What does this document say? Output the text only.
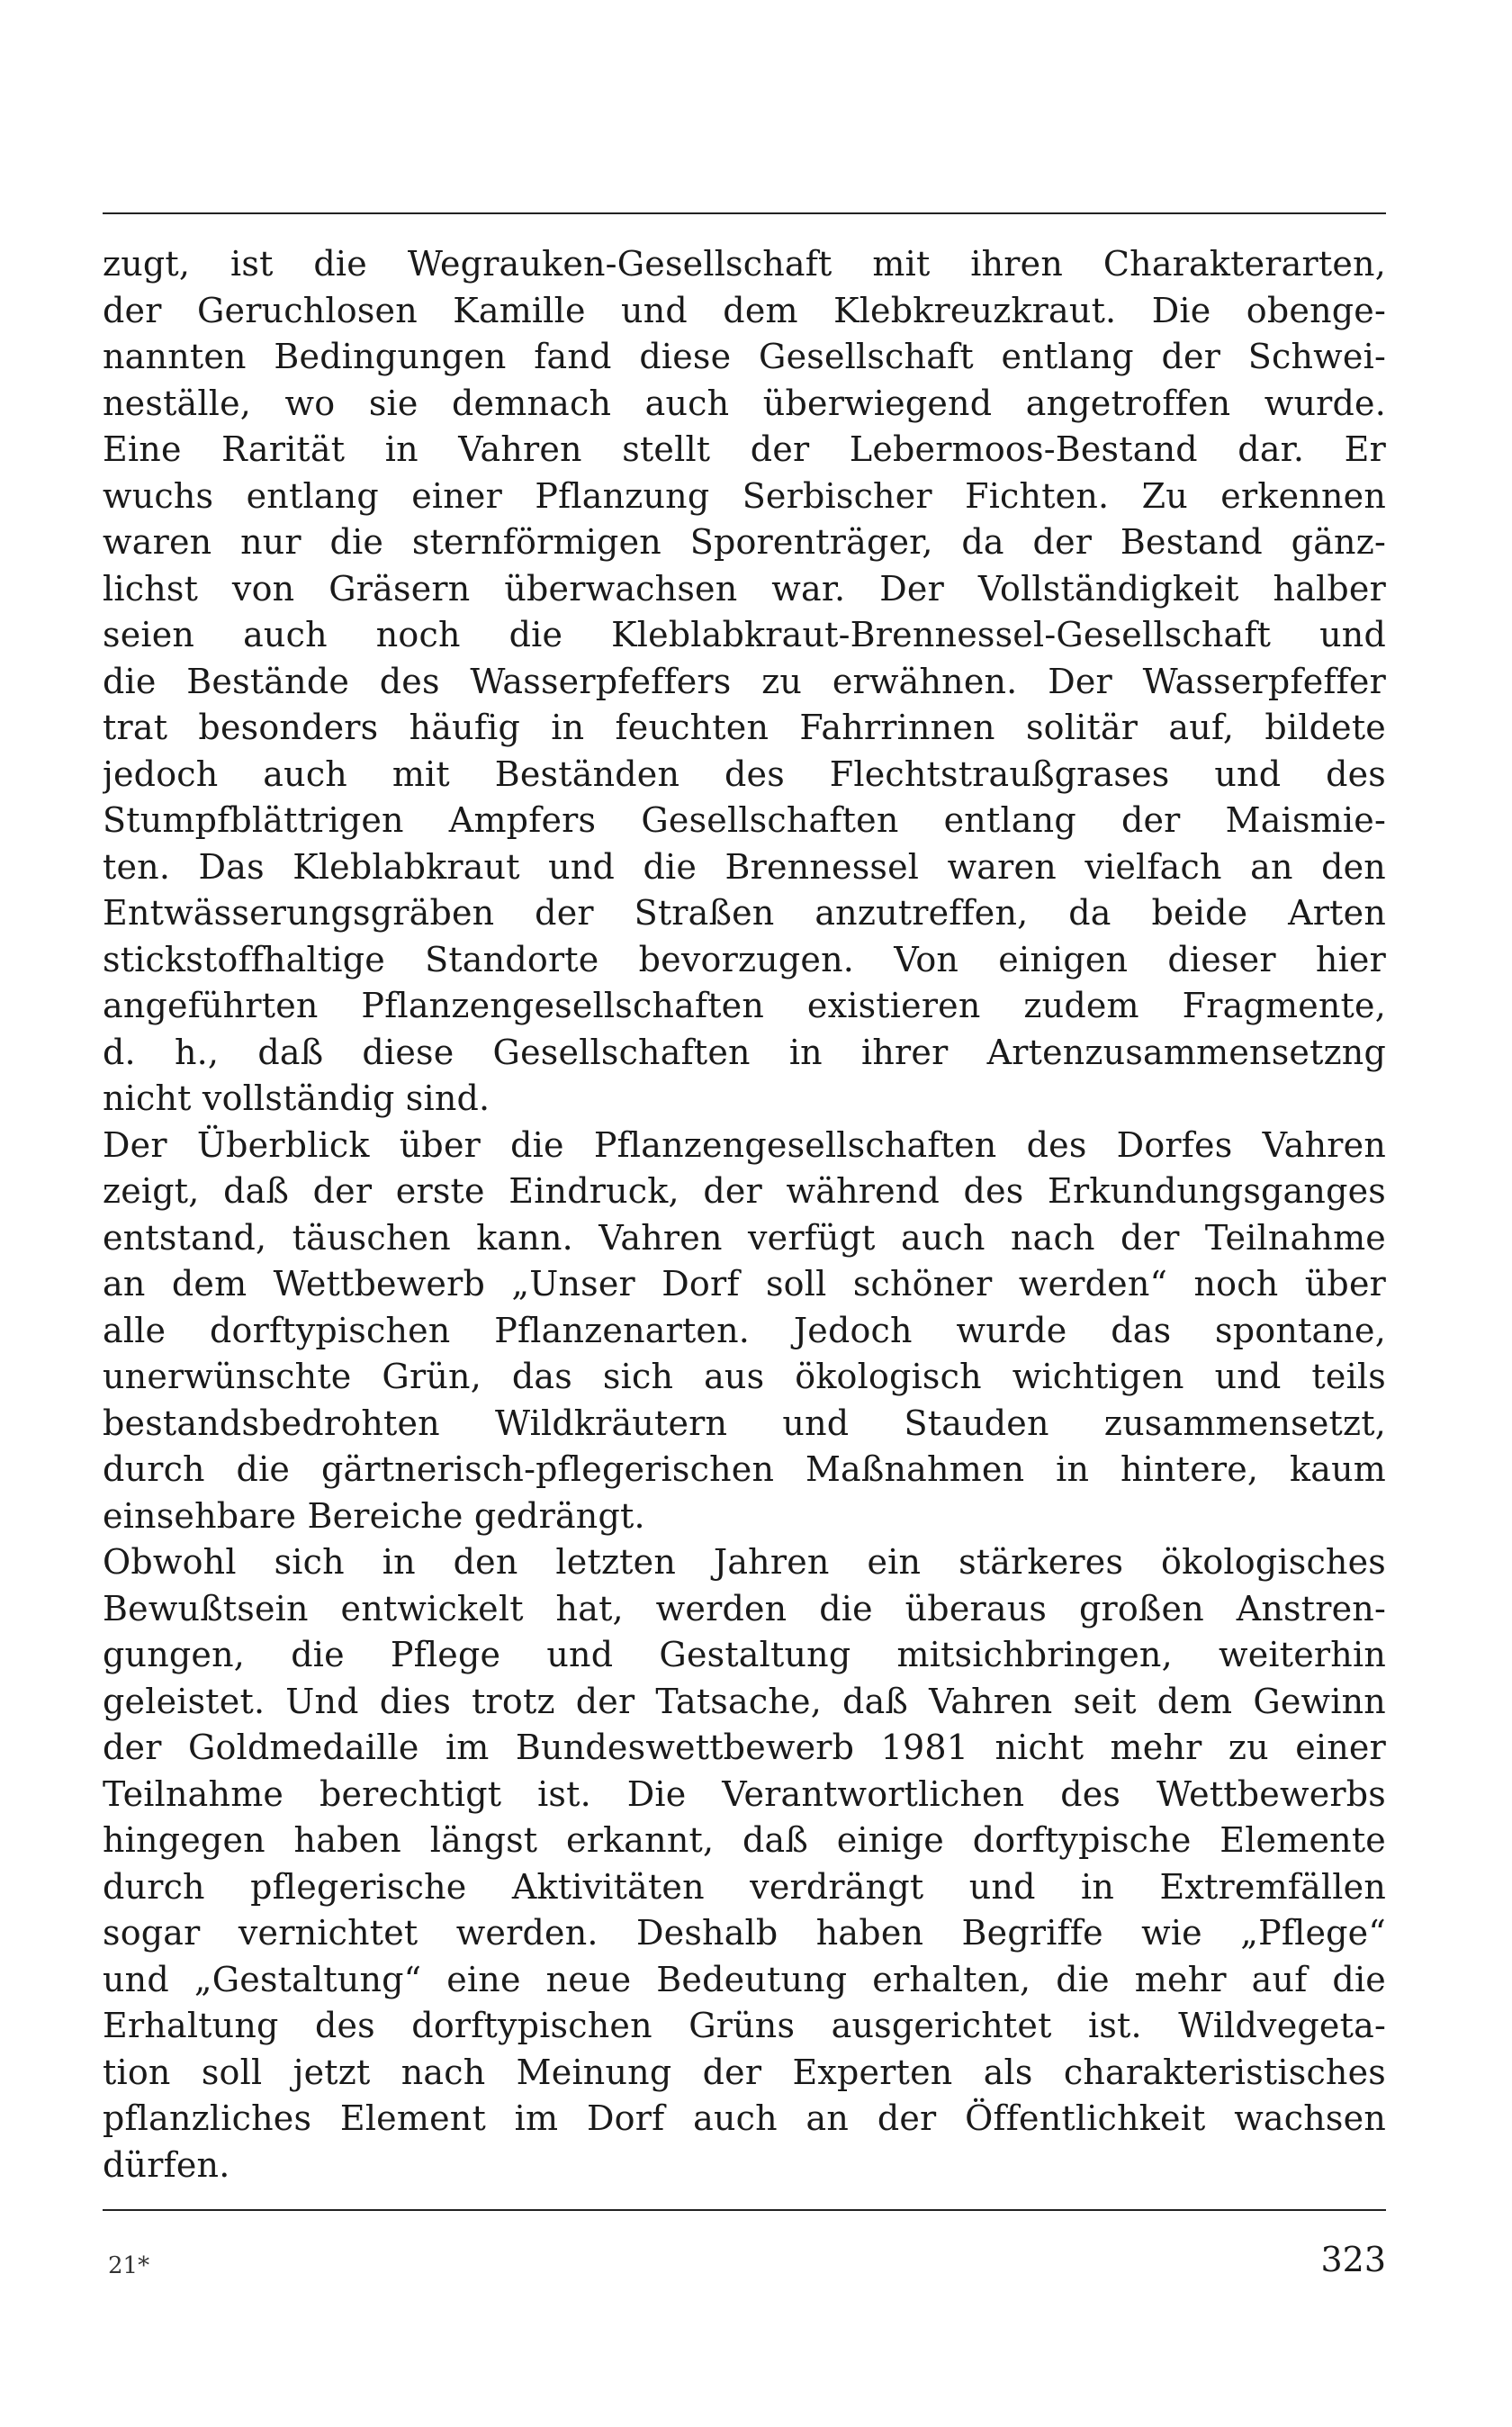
zugt, ist die Wegrauken-Gesellschaft mit ihren Charakterarten,
der Geruchlosen Kamille und dem Klebkreuzkraut. Die obenge-
nannten Bedingungen fand diese Gesellschaft entlang der Schwei-
neställe, wo sie demnach auch überwiegend angetroffen wurde.
Eine Rarität in Vahren stellt der Lebermoos-Bestand dar. Er
wuchs entlang einer Pflanzung Serbischer Fichten. Zu erkennen
waren nur die sternförmigen Sporenträger, da der Bestand gänz-
lichst von Gräsern überwachsen war. Der Vollständigkeit halber
seien auch noch die Kleblabkraut-Brennessel-Gesellschaft und
die Bestände des Wasserpfeffers zu erwähnen. Der Wasserpfeffer
trat besonders häufig in feuchten Fahrrinnen solitär auf, bildete
jedoch auch mit Beständen des Flechtstraußgrases und des
Stumpfblättrigen Ampfers Gesellschaften entlang der Maismie-
ten. Das Kleblabkraut und die Brennessel waren vielfach an den
Entwässerungsgräben der Straßen anzutreffen, da beide Arten
stickstoffhaltige Standorte bevorzugen. Von einigen dieser hier
angeführten Pflanzengesellschaften existieren zudem Fragmente,
d. h., daß diese Gesellschaften in ihrer Artenzusammensetzng
nicht vollständig sind.
Der Überblick über die Pflanzengesellschaften des Dorfes Vahren
zeigt, daß der erste Eindruck, der während des Erkundungsganges
entstand, täuschen kann. Vahren verfügt auch nach der Teilnahme
an dem Wettbewerb „Unser Dorf soll schöner werden“ noch über
alle dorftypischen Pflanzenarten. Jedoch wurde das spontane,
unerwünschte Grün, das sich aus ökologisch wichtigen und teils
bestandsbedrohten Wildkräutern und Stauden zusammensetzt,
durch die gärtnerisch-pflegerischen Maßnahmen in hintere, kaum
einsehbare Bereiche gedrängt.
Obwohl sich in den letzten Jahren ein stärkeres ökologisches
Bewußtsein entwickelt hat, werden die überaus großen Anstren-
gungen, die Pflege und Gestaltung mitsichbringen, weiterhin
geleistet. Und dies trotz der Tatsache, daß Vahren seit dem Gewinn
der Goldmedaille im Bundeswettbewerb 1981 nicht mehr zu einer
Teilnahme berechtigt ist. Die Verantwortlichen des Wettbewerbs
hingegen haben längst erkannt, daß einige dorftypische Elemente
durch pflegerische Aktivitäten verdrängt und in Extremfällen
sogar vernichtet werden. Deshalb haben Begriffe wie „Pflege“
und „Gestaltung“ eine neue Bedeutung erhalten, die mehr auf die
Erhaltung des dorftypischen Grüns ausgerichtet ist. Wildvegeta-
tion soll jetzt nach Meinung der Experten als charakteristisches
pflanzliches Element im Dorf auch an der Öffentlichkeit wachsen
dürfen.
21*	323
